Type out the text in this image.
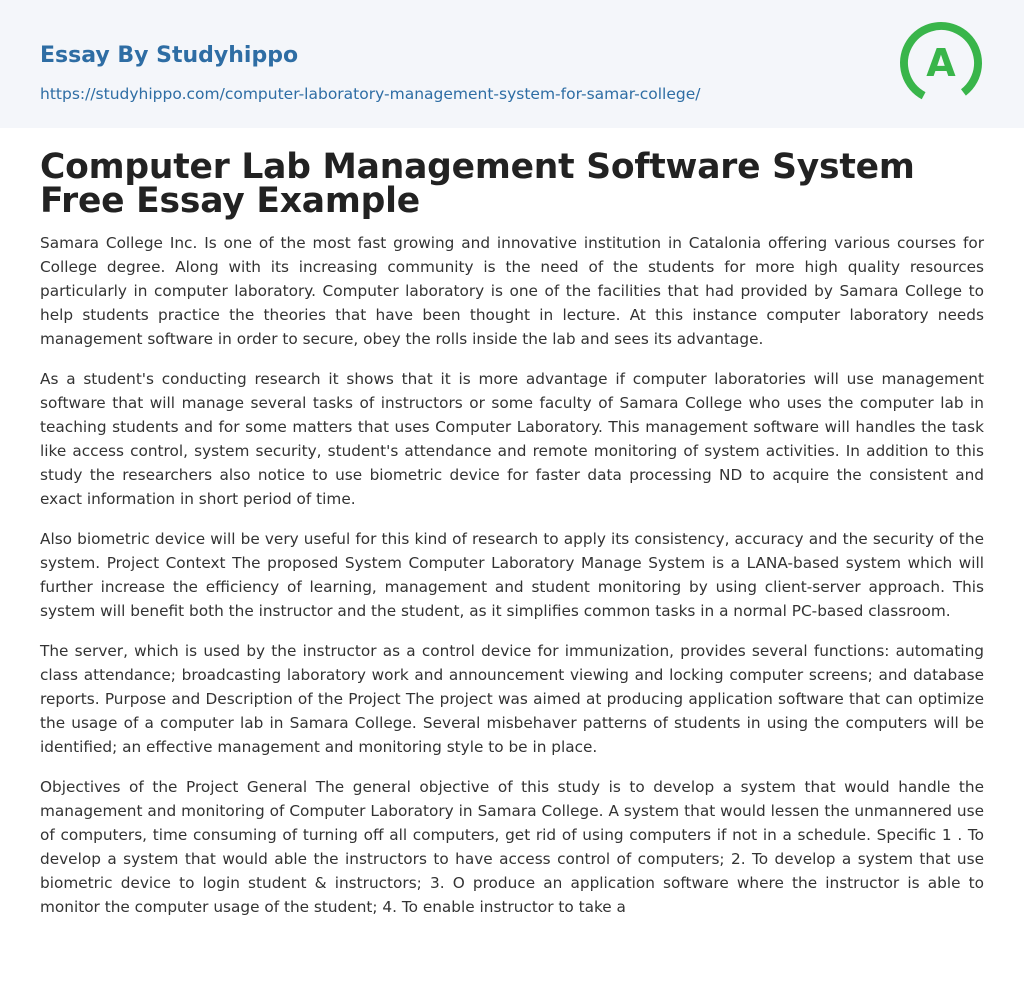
Essay By Studyhippo
https://studyhippo.com/computer-laboratory-management-system-for-samar-college/
A
Computer Lab Management Software System Free Essay Example

Samara College Inc. Is one of the most fast growing and innovative institution in Catalonia offering various courses for College degree. Along with its increasing community is the need of the students for more high quality resources particularly in computer laboratory. Computer laboratory is one of the facilities that had provided by Samara College to help students practice the theories that have been thought in lecture. At this instance computer laboratory needs management software in order to secure, obey the rolls inside the lab and sees its advantage.

As a student's conducting research it shows that it is more advantage if computer laboratories will use management software that will manage several tasks of instructors or some faculty of Samara College who uses the computer lab in teaching students and for some matters that uses Computer Laboratory. This management software will handles the task like access control, system security, student's attendance and remote monitoring of system activities. In addition to this study the researchers also notice to use biometric device for faster data processing ND to acquire the consistent and exact information in short period of time.

Also biometric device will be very useful for this kind of research to apply its consistency, accuracy and the security of the system. Project Context The proposed System Computer Laboratory Manage System is a LANA-based system which will further increase the efficiency of learning, management and student monitoring by using client-server approach. This system will benefit both the instructor and the student, as it simplifies common tasks in a normal PC-based classroom.

The server, which is used by the instructor as a control device for immunization, provides several functions: automating class attendance; broadcasting laboratory work and announcement viewing and locking computer screens; and database reports. Purpose and Description of the Project The project was aimed at producing application software that can optimize the usage of a computer lab in Samara College. Several misbehaver patterns of students in using the computers will be identified; an effective management and monitoring style to be in place.

Objectives of the Project General The general objective of this study is to develop a system that would handle the management and monitoring of Computer Laboratory in Samara College. A system that would lessen the unmannered use of computers, time consuming of turning off all computers, get rid of using computers if not in a schedule. Specific 1 . To develop a system that would able the instructors to have access control of computers; 2. To develop a system that use biometric device to login student & instructors; 3. O produce an application software where the instructor is able to monitor the computer usage of the student; 4. To enable instructor to take a
